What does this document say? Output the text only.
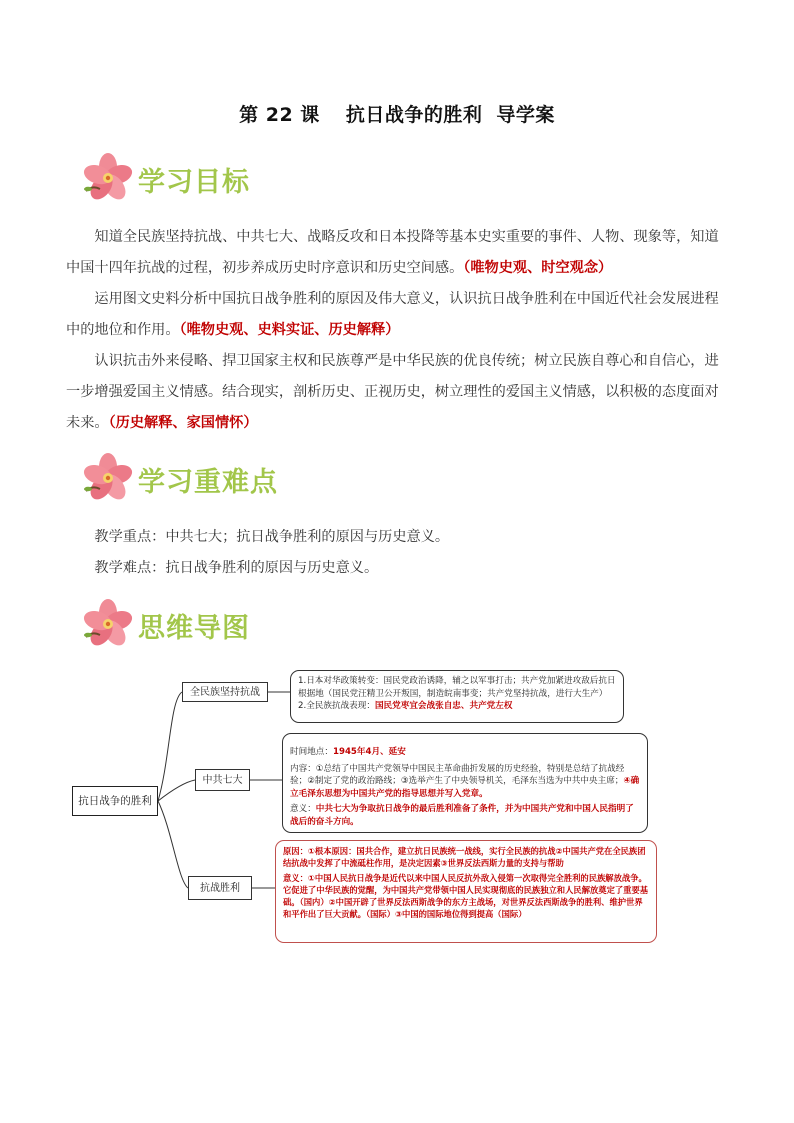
第 22 课 抗日战争的胜利 导学案
学习目标

知道全民族坚持抗战、中共七大、战略反攻和日本投降等基本史实重要的事件、人物、现象等，知道中国十四年抗战的过程，初步养成历史时序意识和历史空间感。（唯物史观、时空观念）

运用图文史料分析中国抗日战争胜利的原因及伟大意义，认识抗日战争胜利在中国近代社会发展进程中的地位和作用。（唯物史观、史料实证、历史解释）

认识抗击外来侵略、捍卫国家主权和民族尊严是中华民族的优良传统；树立民族自尊心和自信心，进一步增强爱国主义情感。结合现实，剖析历史、正视历史，树立理性的爱国主义情感，以积极的态度面对未来。（历史解释、家国情怀）

学习重难点

教学重点：中共七大；抗日战争胜利的原因与历史意义。

教学难点：抗日战争胜利的原因与历史意义。

思维导图
抗日战争的胜利
全民族坚持抗战
中共七大
抗战胜利
1.日本对华政策转变：国民党政治诱降，辅之以军事打击；共产党加紧进攻敌后抗日根据地（国民党汪精卫公开叛国，制造皖南事变；共产党坚持抗战，进行大生产）
2.全民族抗战表现：国民党枣宜会战张自忠、共产党左权
时间地点：1945年4月、延安
内容：①总结了中国共产党领导中国民主革命曲折发展的历史经验，特别是总结了抗战经验；②制定了党的政治路线；③选举产生了中央领导机关，毛泽东当选为中共中央主席；④确立毛泽东思想为中国共产党的指导思想并写入党章。
意义：中共七大为争取抗日战争的最后胜利准备了条件，并为中国共产党和中国人民指明了战后的奋斗方向。
原因：①根本原因：国共合作，建立抗日民族统一战线，实行全民族的抗战②中国共产党在全民族团结抗战中发挥了中流砥柱作用，是决定因素③世界反法西斯力量的支持与帮助
意义：①中国人民抗日战争是近代以来中国人民反抗外敌入侵第一次取得完全胜利的民族解放战争。它促进了中华民族的觉醒，为中国共产党带领中国人民实现彻底的民族独立和人民解放奠定了重要基础。（国内）②中国开辟了世界反法西斯战争的东方主战场，对世界反法西斯战争的胜利、维护世界和平作出了巨大贡献。（国际）③中国的国际地位得到提高（国际）
